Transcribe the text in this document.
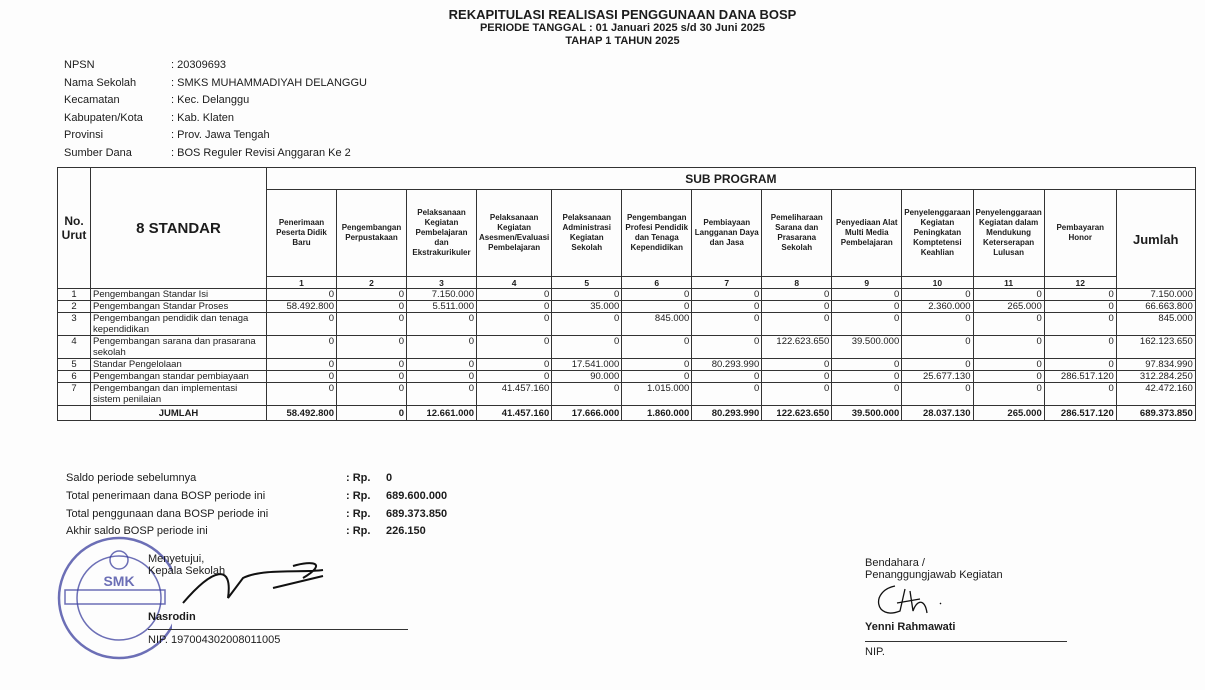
REKAPITULASI REALISASI PENGGUNAAN DANA BOSP
PERIODE TANGGAL : 01 Januari 2025 s/d 30 Juni 2025
TAHAP 1 TAHUN 2025
NPSN	: 20309693
Nama Sekolah	: SMKS MUHAMMADIYAH DELANGGU
Kecamatan	: Kec. Delanggu
Kabupaten/Kota	: Kab. Klaten
Provinsi	: Prov. Jawa Tengah
Sumber Dana	: BOS Reguler Revisi Anggaran Ke 2
No. Urut	8 STANDAR	SUB PROGRAM												
		Penerimaan Peserta Didik Baru	Pengembangan Perpustakaan	Pelaksanaan Kegiatan Pembelajaran dan Ekstrakurikuler	Pelaksanaan Kegiatan Asesmen/Evaluasi Pembelajaran	Pelaksanaan Administrasi Kegiatan Sekolah	Pengembangan Profesi Pendidik dan Tenaga Kependidikan	Pembiayaan Langganan Daya dan Jasa	Pemeliharaan Sarana dan Prasarana Sekolah	Penyediaan Alat Multi Media Pembelajaran	Penyelenggaraan Kegiatan Peningkatan Komptetensi Keahlian	Penyelenggaraan Kegiatan dalam Mendukung Keterserapan Lulusan	Pembayaran Honor	Jumlah
		1	2	3	4	5	6	7	8	9	10	11	12	
1	Pengembangan Standar Isi	0	0	7.150.000	0	0	0	0	0	0	0	0	0	7.150.000
2	Pengembangan Standar Proses	58.492.800	0	5.511.000	0	35.000	0	0	0	0	2.360.000	265.000	0	66.663.800
3	Pengembangan pendidik dan tenaga kependidikan	0	0	0	0	0	845.000	0	0	0	0	0	0	845.000
4	Pengembangan sarana dan prasarana sekolah	0	0	0	0	0	0	0	122.623.650	39.500.000	0	0	0	162.123.650
5	Standar Pengelolaan	0	0	0	0	17.541.000	0	80.293.990	0	0	0	0	0	97.834.990
6	Pengembangan standar pembiayaan	0	0	0	0	90.000	0	0	0	0	25.677.130	0	286.517.120	312.284.250
7	Pengembangan dan implementasi sistem penilaian	0	0	0	41.457.160	0	1.015.000	0	0	0	0	0	0	42.472.160
	JUMLAH	58.492.800	0	12.661.000	41.457.160	17.666.000	1.860.000	80.293.990	122.623.650	39.500.000	28.037.130	265.000	286.517.120	689.373.850
Saldo periode sebelumnya	: Rp.	0
Total penerimaan dana BOSP periode ini	: Rp.	689.600.000
Total penggunaan dana BOSP periode ini	: Rp.	689.373.850
Akhir saldo BOSP periode ini	: Rp.	226.150
SMK
Menyetujui,
Kepala Sekolah
Nasrodin
NIP. 197004302008011005
Bendahara /
Penanggungjawab Kegiatan
Yenni Rahmawati
NIP.
